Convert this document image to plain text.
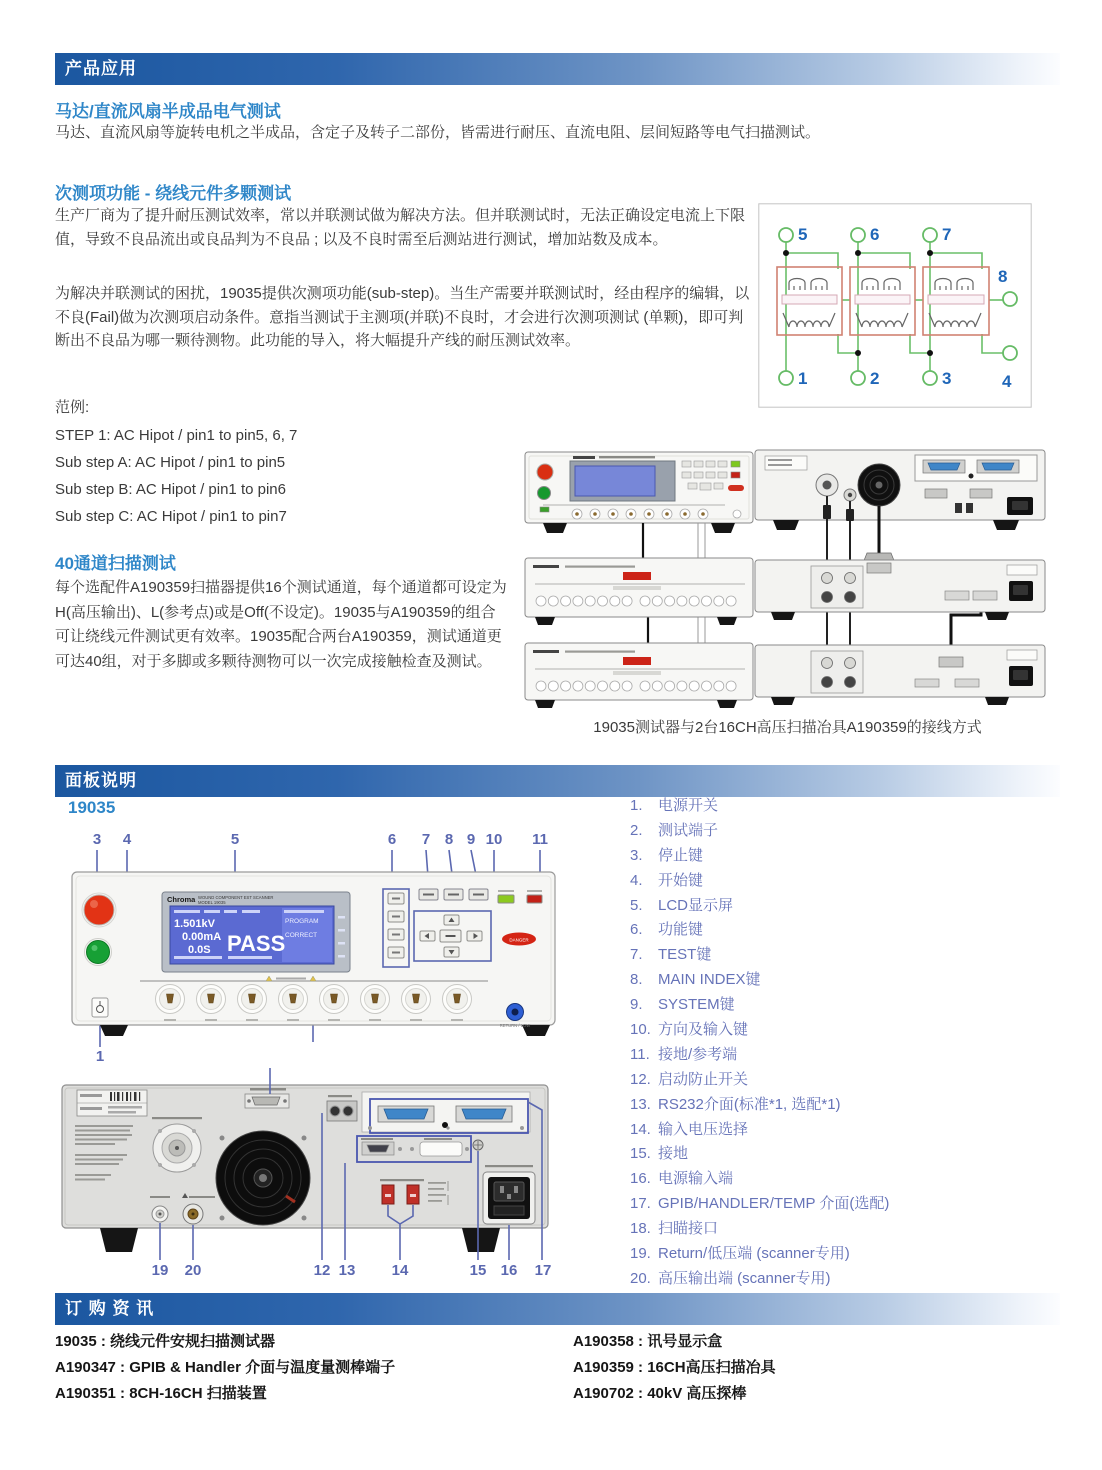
产品应用
马达/直流风扇半成品电气测试
马达、直流风扇等旋转电机之半成品，含定子及转子二部份，皆需进行耐压、直流电阻、层间短路等电气扫描测试。
次测项功能 - 绕线元件多颗测试
生产厂商为了提升耐压测试效率，常以并联测试做为解决方法。但并联测试时，无法正确设定电流上下限值，导致不良品流出或良品判为不良品 ; 以及不良时需至后测站进行测试，增加站数及成本。
为解决并联测试的困扰，19035提供次测项功能(sub-step)。当生产需要并联测试时，经由程序的编辑，以不良(Fail)做为次测项启动条件。意指当测试于主测项(并联)不良时，才会进行次测项测试 (单颗)，即可判断出不良品为哪一颗待测物。此功能的导入，将大幅提升产线的耐压测试效率。

范例:

STEP 1: AC Hipot / pin1 to pin5, 6, 7

Sub step A: AC Hipot / pin1 to pin5

Sub step B: AC Hipot / pin1 to pin6

Sub step C: AC Hipot / pin1 to pin7

5	6	7
8
4
1	2	3
40通道扫描测试
每个选配件A190359扫描器提供16个测试通道，每个通道都可设定为H(高压输出)、L(参考点)或是Off(不设定)。19035与A190359的组合可让绕线元件测试更有效率。19035配合两台A190359，测试通道更可达40组，对于多脚或多颗待测物可以一次完成接触检查及测试。
19035测试器与2台16CH高压扫描冶具A190359的接线方式
面板说明
19035
3 4	5	6 7 8 9 10 11
1
Chroma WOUND COMPONENT EST SCANNER
MODEL 19035
1.501kV
0.00mA
0.0S PASS
PROGRAM
CORRECT
DANGER
RETURN / LOW
1.	电源开关
2.	测试端子
3.	停止键
4.	开始键
5.	LCD显示屏
6.	功能键
7.	TEST键
8.	MAIN INDEX键
9.	SYSTEM键
10. 方向及输入键
11. 接地/参考端
12. 启动防止开关
13. RS232介面(标准*1, 选配*1)
14. 输入电压选择
15. 接地
16. 电源输入端
17. GPIB/HANDLER/TEMP 介面(选配)
18. 扫瞄接口
19. Return/低压端 (scanner专用)
20. 高压输出端 (scanner专用)
19 20	12 13 14	15 16 17
订 购 资 讯
19035 : 绕线元件安规扫描测试器
A190347 : GPIB & Handler 介面与温度量测棒端子
A190351 : 8CH-16CH 扫描装置
A190358 : 讯号显示盒
A190359 : 16CH高压扫描冶具
A190702 : 40kV 高压探棒
